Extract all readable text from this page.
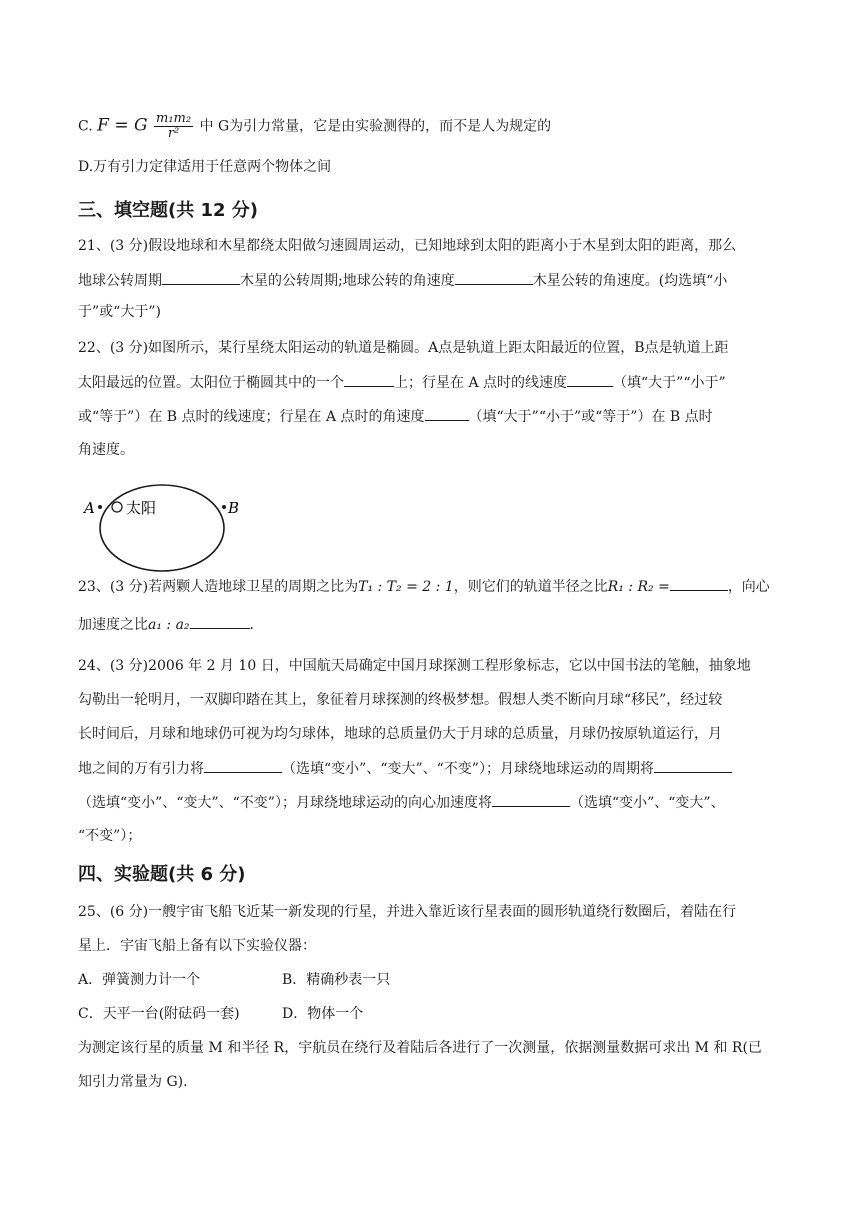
C. F = G $\frac{\text{m₁m₂}}{\text{r²}}$ 中 G为引力常量，它是由实验测得的，而不是人为规定的
D.万有引力定律适用于任意两个物体之间
三、填空题(共 12 分)
21、(3 分)假设地球和木星都绕太阳做匀速圆周运动，已知地球到太阳的距离小于木星到太阳的距离，那么
地球公转周期	木星的公转周期;地球公转的角速度	木星公转的角速度。(均选填“小
于”或“大于”)
22、(3 分)如图所示，某行星绕太阳运动的轨道是椭圆。A点是轨道上距太阳最近的位置，B点是轨道上距
太阳最远的位置。太阳位于椭圆其中的一个	上；行星在 A 点时的线速度	（填“大于”“小于”
或“等于”）在 B 点时的线速度；行星在 A 点时的角速度	（填“大于”“小于”或“等于”）在 B 点时
角速度。
A 太阳	B
23、(3 分)若两颗人造地球卫星的周期之比为T₁ : T₂ = 2 : 1，则它们的轨道半径之比R₁ : R₂ =	，向心
加速度之比a₁ : a₂	.
24、(3 分)2006 年 2 月 10 日，中国航天局确定中国月球探测工程形象标志，它以中国书法的笔触，抽象地
勾勒出一轮明月，一双脚印踏在其上，象征着月球探测的终极梦想。假想人类不断向月球“移民”，经过较
长时间后，月球和地球仍可视为均匀球体，地球的总质量仍大于月球的总质量，月球仍按原轨道运行，月
地之间的万有引力将	（选填“变小”、“变大”、“不变”）；月球绕地球运动的周期将
（选填“变小”、“变大”、“不变”）；月球绕地球运动的向心加速度将	（选填“变小”、“变大”、
“不变”）；
四、实验题(共 6 分)
25、(6 分)一艘宇宙飞船飞近某一新发现的行星，并进入靠近该行星表面的圆形轨道绕行数圈后，着陆在行
星上．宇宙飞船上备有以下实验仪器：
A．弹簧测力计一个	B．精确秒表一只
C．天平一台(附砝码一套)	D．物体一个
为测定该行星的质量 M 和半径 R，宇航员在绕行及着陆后各进行了一次测量，依据测量数据可求出 M 和 R(已
知引力常量为 G).
